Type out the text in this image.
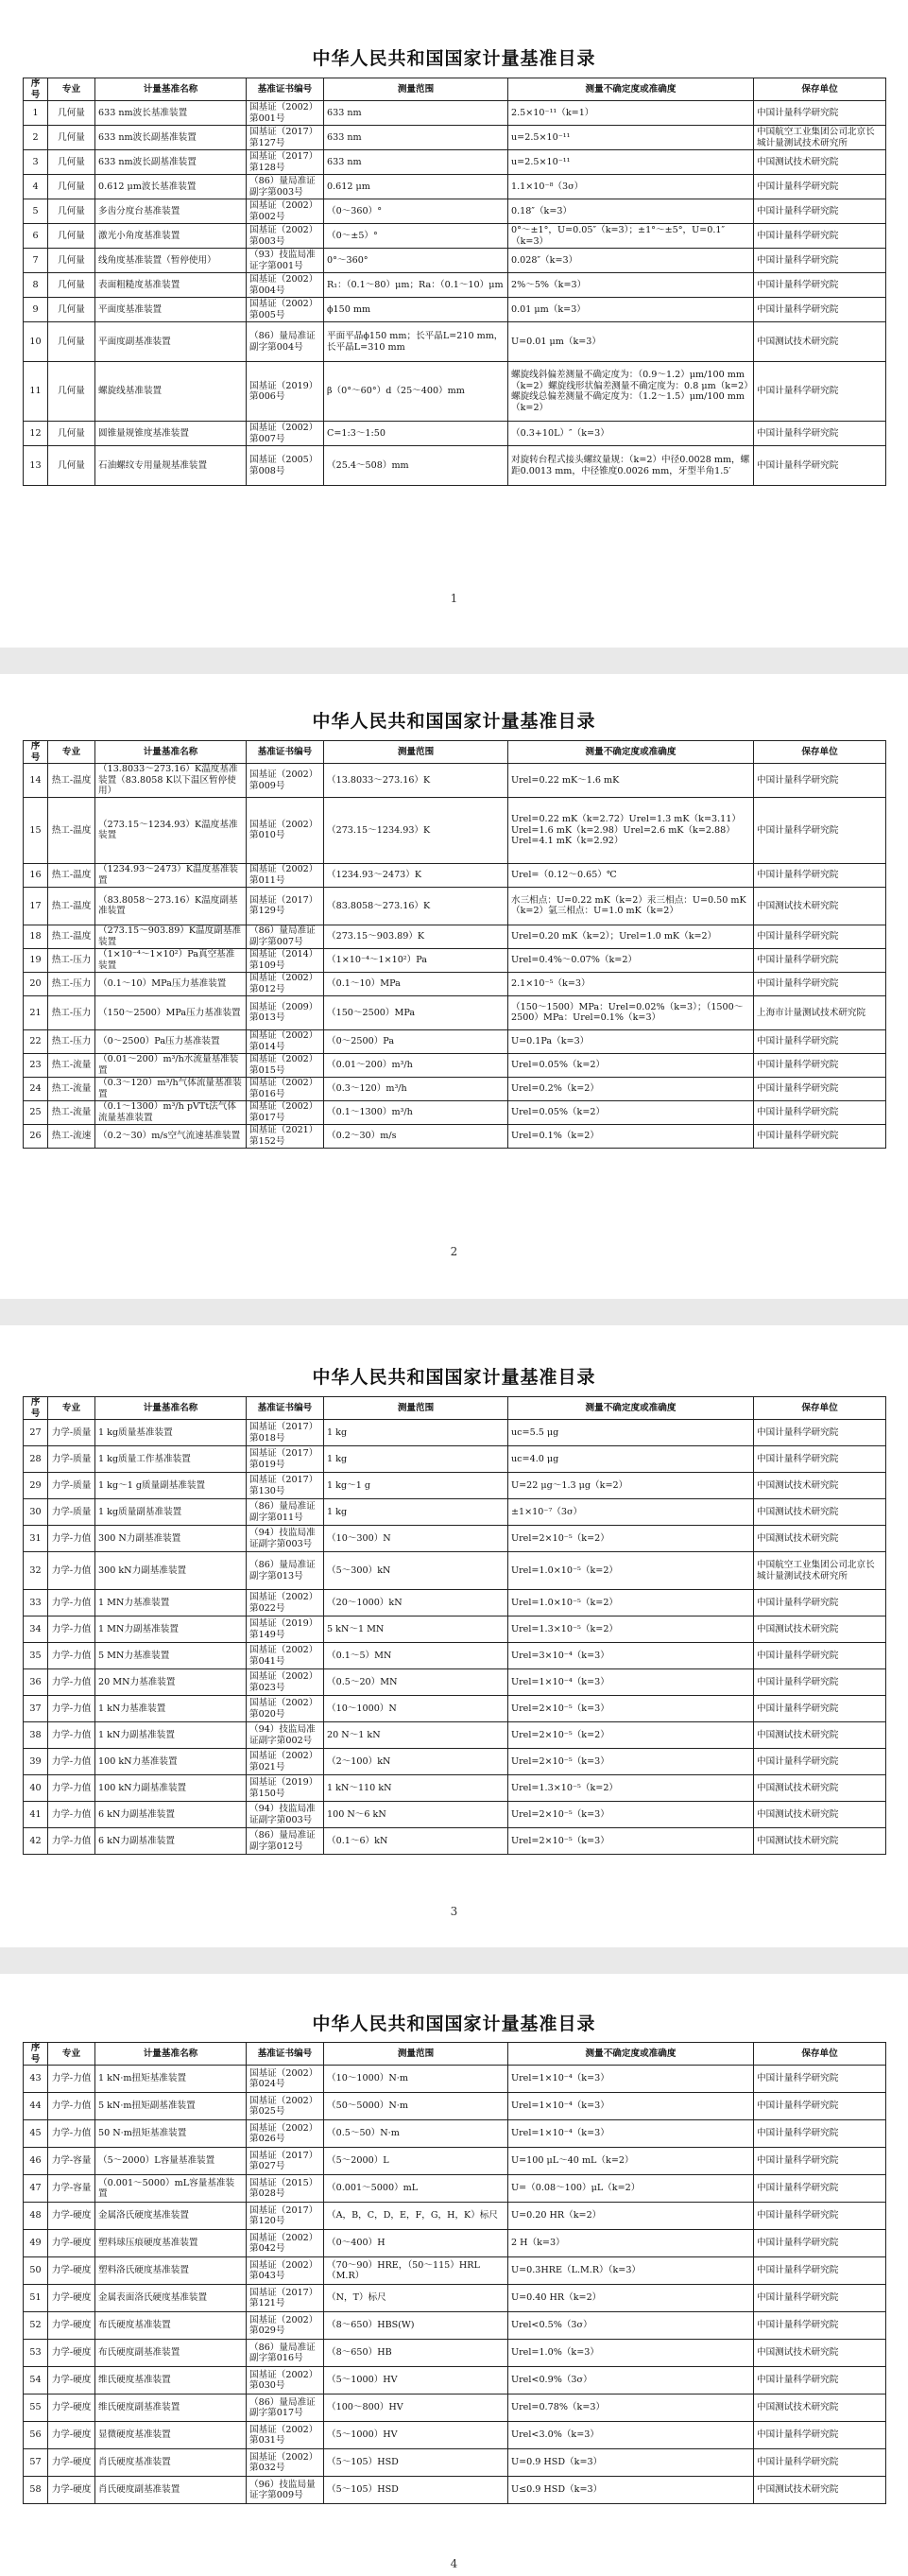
中华人民共和国国家计量基准目录
序号	专业	计量基准名称	基准证书编号	测量范围	测量不确定度或准确度	保存单位
1	几何量	633 nm波长基准装置	国基证（2002）第001号	633 nm	2.5×10⁻¹¹（k=1）	中国计量科学研究院
2	几何量	633 nm波长副基准装置	国基证（2017）第127号	633 nm	u=2.5×10⁻¹¹	中国航空工业集团公司北京长城计量测试技术研究所
3	几何量	633 nm波长副基准装置	国基证（2017）第128号	633 nm	u=2.5×10⁻¹¹	中国测试技术研究院
4	几何量	0.612 μm波长基准装置	（86）量局准证副字第003号	0.612 μm	1.1×10⁻⁸（3σ）	中国计量科学研究院
5	几何量	多齿分度台基准装置	国基证（2002）第002号	（0～360）°	0.18″（k=3）	中国计量科学研究院
6	几何量	激光小角度基准装置	国基证（2002）第003号	（0～±5）°	0°～±1°，U=0.05″（k=3）；±1°～±5°，U=0.1″（k=3）	中国计量科学研究院
7	几何量	线角度基准装置（暂停使用）	（93）技监局准证字第001号	0°～360°	0.028″（k=3）	中国计量科学研究院
8	几何量	表面粗糙度基准装置	国基证（2002）第004号	R₁：（0.1～80）μm；Ra：（0.1～10）μm	2%～5%（k=3）	中国计量科学研究院
9	几何量	平面度基准装置	国基证（2002）第005号	ϕ150 mm	0.01 μm（k=3）	中国计量科学研究院
10	几何量	平面度副基准装置	（86）量局准证副字第004号	平面平晶ϕ150 mm；长平晶L=210 mm，长平晶L=310 mm	U=0.01 μm（k=3）	中国测试技术研究院
11	几何量	螺旋线基准装置	国基证（2019）第006号	β（0°～60°）d（25～400）mm	螺旋线斜偏差测量不确定度为：（0.9～1.2）μm/100 mm（k=2）螺旋线形状偏差测量不确定度为：0.8 μm（k=2）螺旋线总偏差测量不确定度为：（1.2～1.5）μm/100 mm（k=2）	中国计量科学研究院
12	几何量	圆锥量规锥度基准装置	国基证（2002）第007号	C=1:3～1:50	（0.3+10L）″（k=3）	中国计量科学研究院
13	几何量	石油螺纹专用量规基准装置	国基证（2005）第008号	（25.4～508）mm	对旋转台程式接头螺纹量规：（k=2）中径0.0028 mm，螺距0.0013 mm，中径锥度0.0026 mm，牙型半角1.5′	中国计量科学研究院
1
中华人民共和国国家计量基准目录
序号	专业	计量基准名称	基准证书编号	测量范围	测量不确定度或准确度	保存单位
14	热工-温度	（13.8033～273.16）K温度基准装置（83.8058 K以下温区暂停使用）	国基证（2002）第009号	（13.8033～273.16）K	Urel=0.22 mK～1.6 mK	中国计量科学研究院
15	热工-温度	（273.15～1234.93）K温度基准装置	国基证（2002）第010号	（273.15～1234.93）K	Urel=0.22 mK（k=2.72）Urel=1.3 mK（k=3.11）Urel=1.6 mK（k=2.98）Urel=2.6 mK（k=2.88）Urel=4.1 mK（k=2.92）	中国计量科学研究院
16	热工-温度	（1234.93～2473）K温度基准装置	国基证（2002）第011号	（1234.93～2473）K	Urel=（0.12～0.65）℃	中国计量科学研究院
17	热工-温度	（83.8058～273.16）K温度副基准装置	国基证（2017）第129号	（83.8058～273.16）K	水三相点：U=0.22 mK（k=2）汞三相点：U=0.50 mK（k=2）氩三相点：U=1.0 mK（k=2）	中国测试技术研究院
18	热工-温度	（273.15～903.89）K温度副基准装置	（86）量局准证副字第007号	（273.15～903.89）K	Urel=0.20 mK（k=2）；Urel=1.0 mK（k=2）	中国计量科学研究院
19	热工-压力	（1×10⁻⁴～1×10²）Pa真空基准装置	国基证（2014）第109号	（1×10⁻⁴～1×10²）Pa	Urel=0.4%～0.07%（k=2）	中国计量科学研究院
20	热工-压力	（0.1～10）MPa压力基准装置	国基证（2002）第012号	（0.1～10）MPa	2.1×10⁻⁵（k=3）	中国计量科学研究院
21	热工-压力	（150～2500）MPa压力基准装置	国基证（2009）第013号	（150～2500）MPa	（150～1500）MPa：Urel=0.02%（k=3）；（1500～2500）MPa：Urel=0.1%（k=3）	上海市计量测试技术研究院
22	热工-压力	（0～2500）Pa压力基准装置	国基证（2002）第014号	（0～2500）Pa	U=0.1Pa（k=3）	中国计量科学研究院
23	热工-流量	（0.01～200）m³/h水流量基准装置	国基证（2002）第015号	（0.01～200）m³/h	Urel=0.05%（k=2）	中国计量科学研究院
24	热工-流量	（0.3～120）m³/h气体流量基准装置	国基证（2002）第016号	（0.3～120）m³/h	Urel=0.2%（k=2）	中国计量科学研究院
25	热工-流量	（0.1～1300）m³/h pVTt法气体流量基准装置	国基证（2002）第017号	（0.1～1300）m³/h	Urel=0.05%（k=2）	中国计量科学研究院
26	热工-流速	（0.2～30）m/s空气流速基准装置	国基证（2021）第152号	（0.2～30）m/s	Urel=0.1%（k=2）	中国计量科学研究院
2
中华人民共和国国家计量基准目录
序号	专业	计量基准名称	基准证书编号	测量范围	测量不确定度或准确度	保存单位
27	力学-质量	1 kg质量基准装置	国基证（2017）第018号	1 kg	uc=5.5 μg	中国计量科学研究院
28	力学-质量	1 kg质量工作基准装置	国基证（2017）第019号	1 kg	uc=4.0 μg	中国计量科学研究院
29	力学-质量	1 kg～1 g质量副基准装置	国基证（2017）第130号	1 kg～1 g	U=22 μg～1.3 μg（k=2）	中国测试技术研究院
30	力学-质量	1 kg质量副基准装置	（86）量局准证副字第011号	1 kg	±1×10⁻⁷（3σ）	中国测试技术研究院
31	力学-力值	300 N力副基准装置	（94）技监局准证副字第003号	（10～300）N	Urel=2×10⁻⁵（k=2）	中国测试技术研究院
32	力学-力值	300 kN力副基准装置	（86）量局准证副字第013号	（5～300）kN	Urel=1.0×10⁻⁵（k=2）	中国航空工业集团公司北京长城计量测试技术研究所
33	力学-力值	1 MN力基准装置	国基证（2002）第022号	（20～1000）kN	Urel=1.0×10⁻⁵（k=2）	中国计量科学研究院
34	力学-力值	1 MN力副基准装置	国基证（2019）第149号	5 kN～1 MN	Urel=1.3×10⁻⁵（k=2）	中国测试技术研究院
35	力学-力值	5 MN力基准装置	国基证（2002）第041号	（0.1～5）MN	Urel=3×10⁻⁴（k=3）	中国计量科学研究院
36	力学-力值	20 MN力基准装置	国基证（2002）第023号	（0.5～20）MN	Urel=1×10⁻⁴（k=3）	中国计量科学研究院
37	力学-力值	1 kN力基准装置	国基证（2002）第020号	（10～1000）N	Urel=2×10⁻⁵（k=3）	中国计量科学研究院
38	力学-力值	1 kN力副基准装置	（94）技监局准证副字第002号	20 N～1 kN	Urel=2×10⁻⁵（k=2）	中国测试技术研究院
39	力学-力值	100 kN力基准装置	国基证（2002）第021号	（2～100）kN	Urel=2×10⁻⁵（k=3）	中国计量科学研究院
40	力学-力值	100 kN力副基准装置	国基证（2019）第150号	1 kN～110 kN	Urel=1.3×10⁻⁵（k=2）	中国测试技术研究院
41	力学-力值	6 kN力副基准装置	（94）技监局准证副字第003号	100 N～6 kN	Urel=2×10⁻⁵（k=3）	中国测试技术研究院
42	力学-力值	6 kN力副基准装置	（86）量局准证副字第012号	（0.1～6）kN	Urel=2×10⁻⁵（k=3）	中国测试技术研究院
3
中华人民共和国国家计量基准目录
序号	专业	计量基准名称	基准证书编号	测量范围	测量不确定度或准确度	保存单位
43	力学-力值	1 kN·m扭矩基准装置	国基证（2002）第024号	（10～1000）N·m	Urel=1×10⁻⁴（k=3）	中国计量科学研究院
44	力学-力值	5 kN·m扭矩副基准装置	国基证（2002）第025号	（50～5000）N·m	Urel=1×10⁻⁴（k=3）	中国计量科学研究院
45	力学-力值	50 N·m扭矩基准装置	国基证（2002）第026号	（0.5～50）N·m	Urel=1×10⁻⁴（k=3）	中国计量科学研究院
46	力学-容量	（5～2000）L容量基准装置	国基证（2017）第027号	（5～2000）L	U=100 μL～40 mL（k=2）	中国计量科学研究院
47	力学-容量	（0.001～5000）mL容量基准装置	国基证（2015）第028号	（0.001～5000）mL	U=（0.08～100）μL（k=2）	中国计量科学研究院
48	力学-硬度	金属洛氏硬度基准装置	国基证（2017）第120号	（A，B，C，D，E，F，G，H，K）标尺	U=0.20 HR（k=2）	中国计量科学研究院
49	力学-硬度	塑料球压痕硬度基准装置	国基证（2002）第042号	（0～400）H	2 H（k=3）	中国计量科学研究院
50	力学-硬度	塑料洛氏硬度基准装置	国基证（2002）第043号	（70～90）HRE，（50～115）HRL（M.R）	U=0.3HRE（L.M.R）（k=3）	中国计量科学研究院
51	力学-硬度	金属表面洛氏硬度基准装置	国基证（2017）第121号	（N，T）标尺	U=0.40 HR（k=2）	中国计量科学研究院
52	力学-硬度	布氏硬度基准装置	国基证（2002）第029号	（8～650）HBS(W)	Urel<0.5%（3σ）	中国计量科学研究院
53	力学-硬度	布氏硬度副基准装置	（86）量局准证副字第016号	（8～650）HB	Urel=1.0%（k=3）	中国测试技术研究院
54	力学-硬度	维氏硬度基准装置	国基证（2002）第030号	（5～1000）HV	Urel<0.9%（3σ）	中国计量科学研究院
55	力学-硬度	维氏硬度副基准装置	（86）量局准证副字第017号	（100～800）HV	Urel=0.78%（k=3）	中国测试技术研究院
56	力学-硬度	显微硬度基准装置	国基证（2002）第031号	（5～1000）HV	Urel<3.0%（k=3）	中国计量科学研究院
57	力学-硬度	肖氏硬度基准装置	国基证（2002）第032号	（5～105）HSD	U=0.9 HSD（k=3）	中国计量科学研究院
58	力学-硬度	肖氏硬度副基准装置	（96）技监局量证字第009号	（5～105）HSD	U≤0.9 HSD（k=3）	中国测试技术研究院
4
